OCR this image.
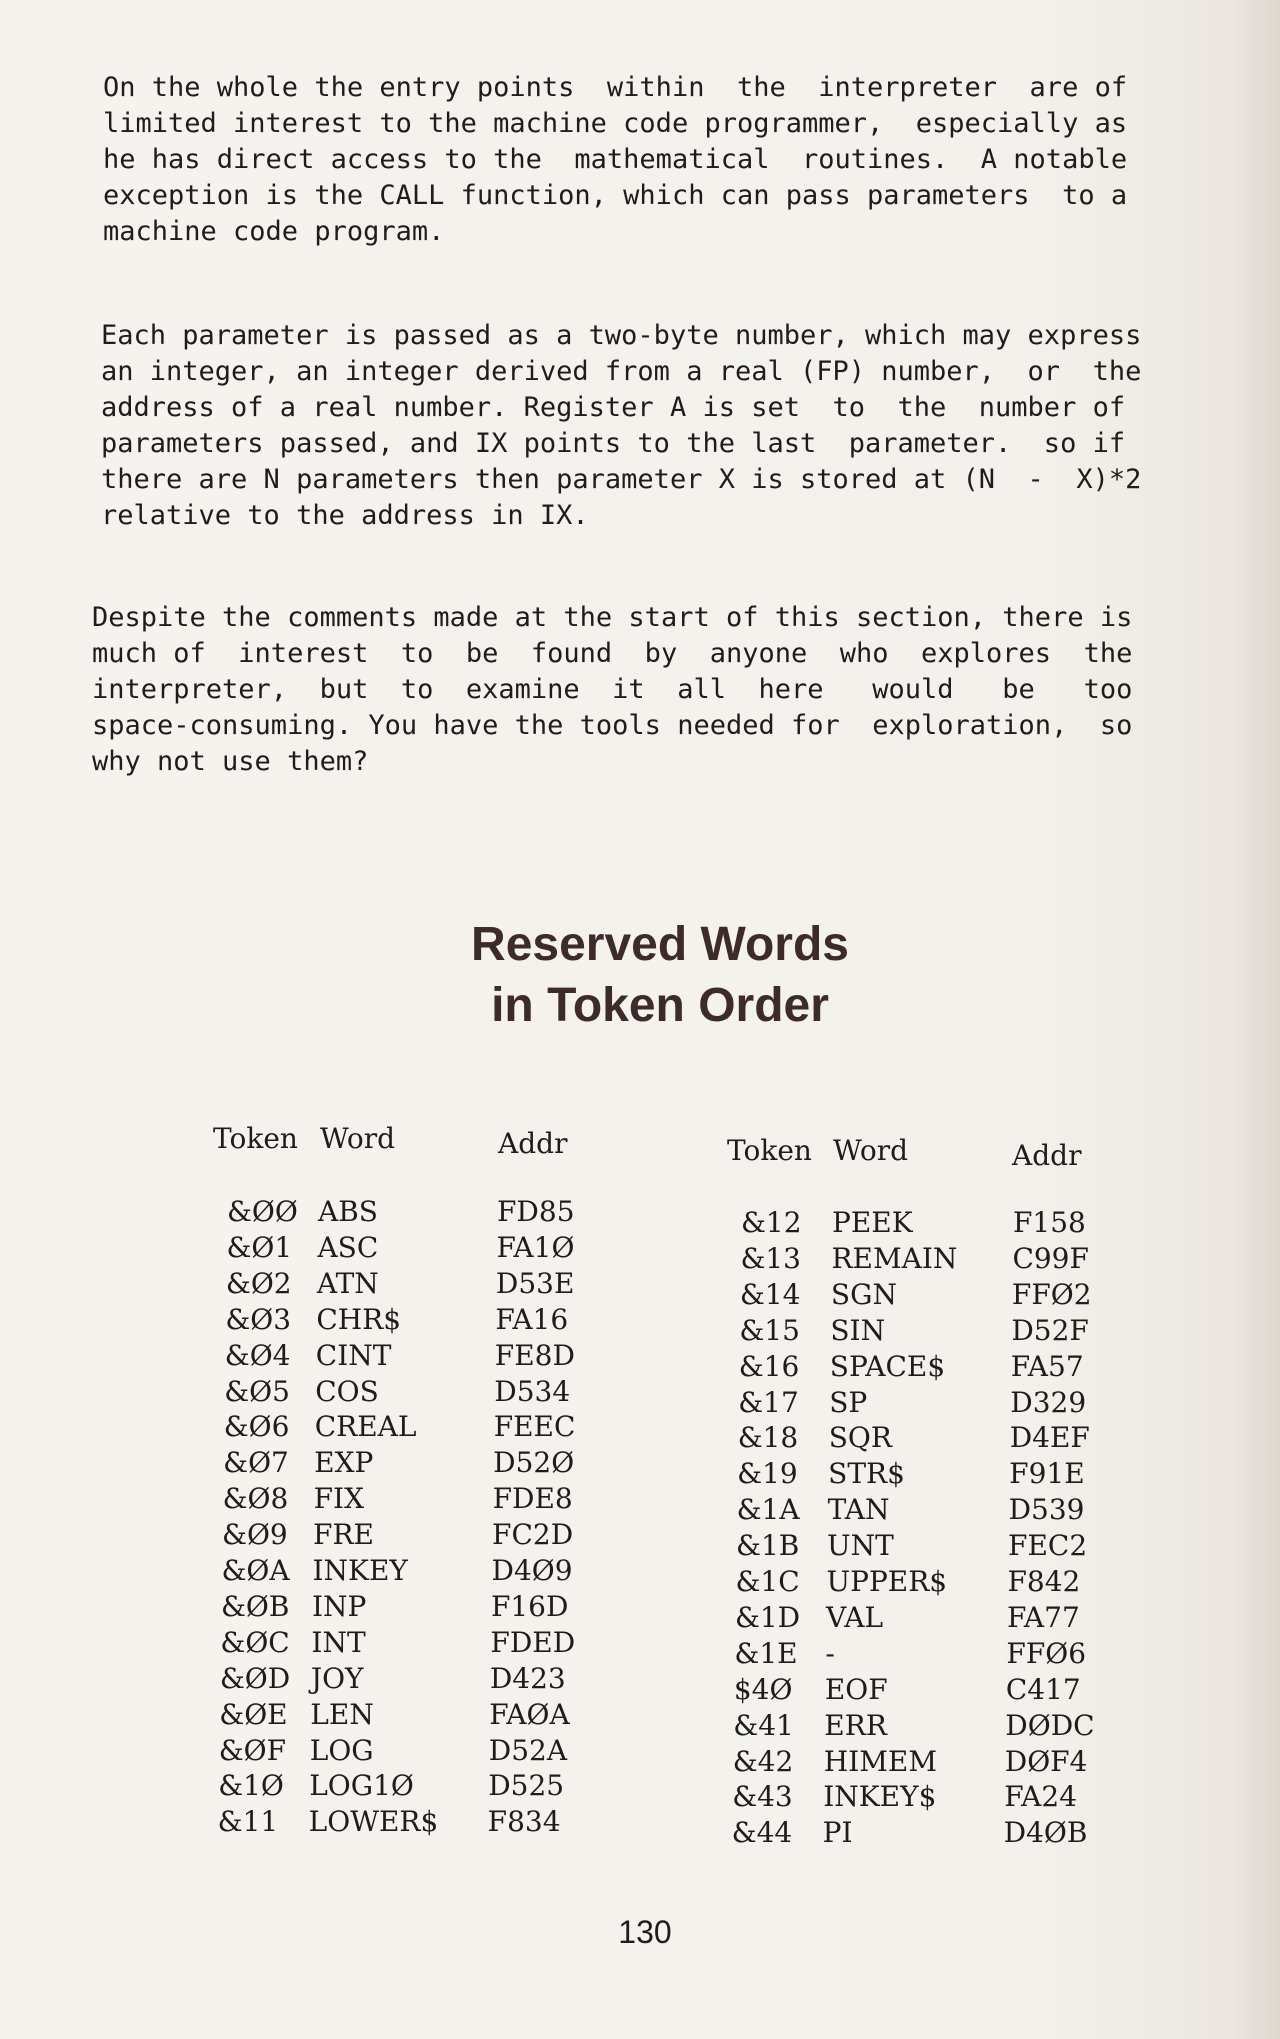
On the whole the entry points  within  the  interpreter  are of
limited interest to the machine code programmer,  especially as
he has direct access to the  mathematical  routines.  A notable
exception is the CALL function, which can pass parameters  to a
machine code program.
Each parameter is passed as a two-byte number, which may express
an integer, an integer derived from a real (FP) number,  or  the
address of a real number. Register A is set  to  the  number of
parameters passed, and IX points to the last  parameter.  so if
there are N parameters then parameter X is stored at (N  -  X)*2
relative to the address in IX.
Despite the comments made at the start of this section, there is
much of  interest  to  be  found  by  anyone  who  explores  the
interpreter,  but  to  examine  it  all  here   would   be   too
space-consuming. You have the tools needed for  exploration,  so
why not use them?
Reserved Words
in Token Order
Token Word	Addr
&ØØ ABS	FD85
&Ø1 ASC	FA1Ø
&Ø2 ATN	D53E
&Ø3 CHR$	FA16
&Ø4 CINT	FE8D
&Ø5 COS	D534
&Ø6 CREAL	FEEC
&Ø7 EXP	D52Ø
&Ø8 FIX	FDE8
&Ø9 FRE	FC2D
&ØA INKEY	D4Ø9
&ØB INP	F16D
&ØC INT	FDED
&ØD JOY	D423
&ØE LEN	FAØA
&ØF LOG	D52A
&1Ø LOG1Ø	D525
&11 LOWER$ F834
Token Word	Addr
&12 PEEK	F158
&13 REMAIN C99F
&14 SGN	FFØ2
&15 SIN	D52F
&16 SPACE$ FA57
&17 SP	D329
&18 SQR	D4EF
&19 STR$	F91E
&1A TAN	D539
&1B UNT	FEC2
&1C UPPER$ F842
&1D VAL	FA77
&1E -	FFØ6
$4Ø EOF	C417
&41 ERR	DØDC
&42 HIMEM DØF4
&43 INKEY$ FA24
&44 PI	D4ØB
130
